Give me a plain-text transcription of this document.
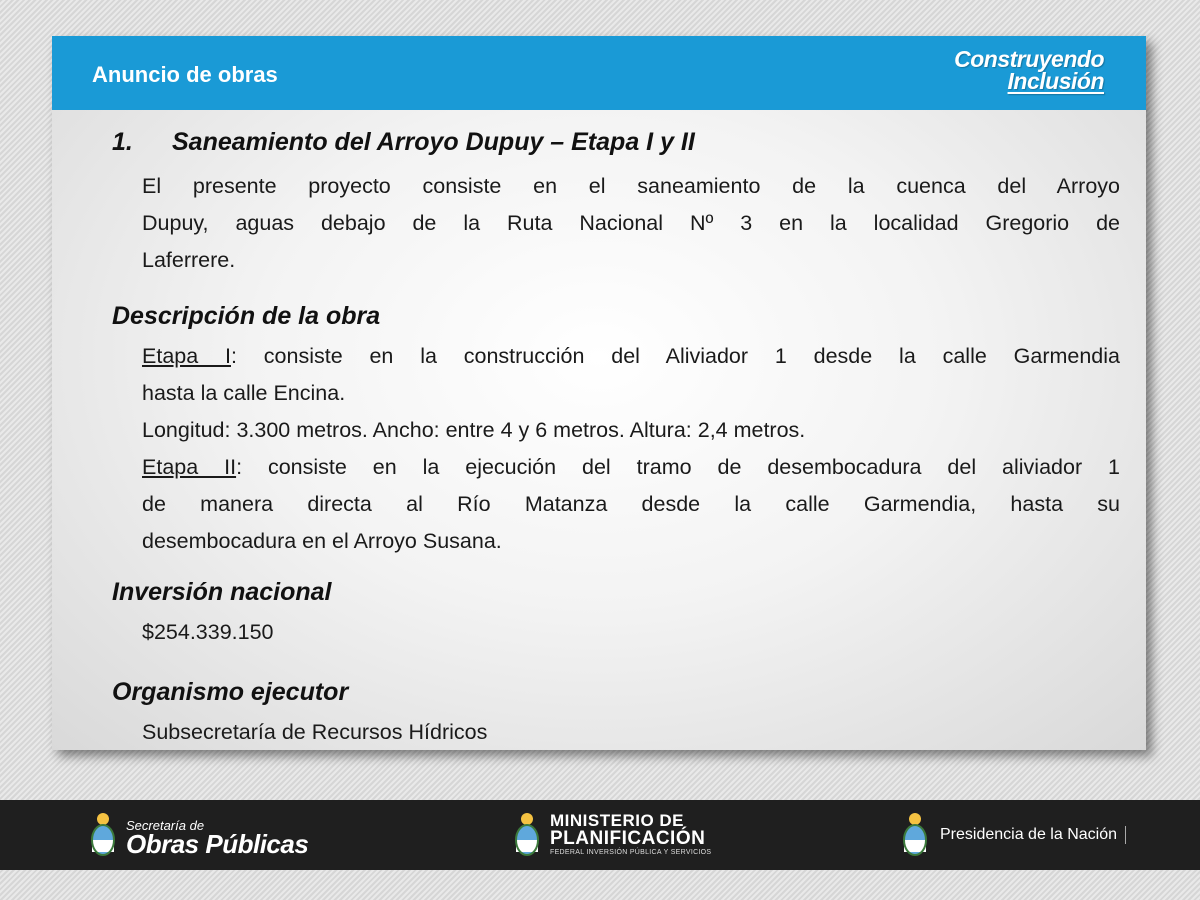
Anuncio de obras
Construyendo
Inclusión
1. Saneamiento del Arroyo Dupuy – Etapa I y II
El presente proyecto consiste en el saneamiento de la cuenca del Arroyo
Dupuy, aguas debajo de la Ruta Nacional Nº 3 en la localidad Gregorio de
Laferrere.
Descripción de la obra
Etapa I: consiste en la construcción del Aliviador 1 desde la calle Garmendia
hasta la calle Encina.
Longitud: 3.300 metros. Ancho: entre 4 y 6 metros. Altura: 2,4 metros.
Etapa II: consiste en la ejecución del tramo de desembocadura del aliviador 1
de manera directa al Río Matanza desde la calle Garmendia, hasta su
desembocadura en el Arroyo Susana.
Inversión nacional
$254.339.150
Organismo ejecutor
Subsecretaría de Recursos Hídricos
Secretaría de
Obras Públicas
MINISTERIO DE
PLANIFICACIÓN
FEDERAL INVERSIÓN PÚBLICA Y SERVICIOS
Presidencia de la Nación
